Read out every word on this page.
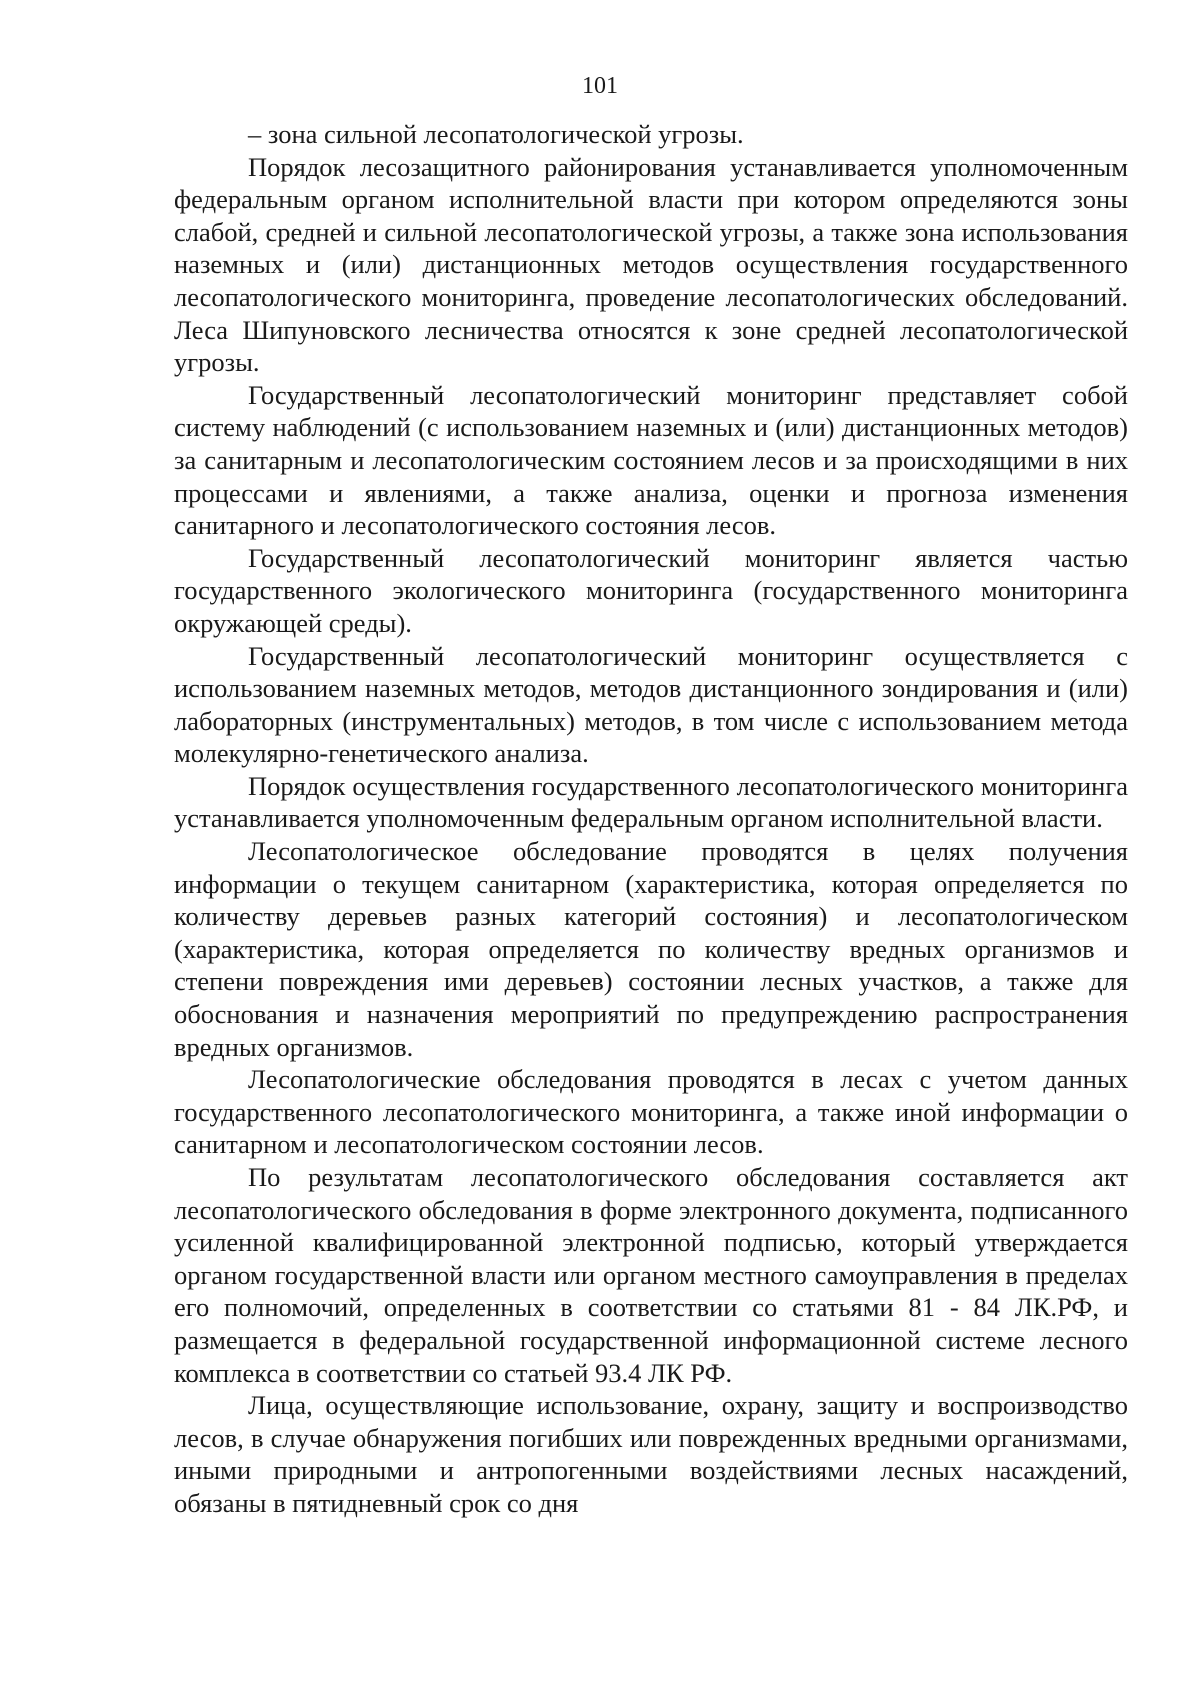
101

– зона сильной лесопатологической угрозы.

Порядок лесозащитного районирования устанавливается уполномоченным федеральным органом исполнительной власти при котором определяются зоны слабой, средней и сильной лесопатологической угрозы, а также зона использования наземных и (или) дистанционных методов осуществления государственного лесопатологического мониторинга, проведение лесопатологических обследований. Леса Шипуновского лесничества относятся к зоне средней лесопатологической угрозы.

Государственный лесопатологический мониторинг представляет собой систему наблюдений (с использованием наземных и (или) дистанционных методов) за санитарным и лесопатологическим состоянием лесов и за происходящими в них процессами и явлениями, а также анализа, оценки и прогноза изменения санитарного и лесопатологического состояния лесов.

Государственный лесопатологический мониторинг является частью государственного экологического мониторинга (государственного мониторинга окружающей среды).

Государственный лесопатологический мониторинг осуществляется с использованием наземных методов, методов дистанционного зондирования и (или) лабораторных (инструментальных) методов, в том числе с использованием метода молекулярно-генетического анализа.

Порядок осуществления государственного лесопатологического мониторинга устанавливается уполномоченным федеральным органом исполнительной власти.

Лесопатологическое обследование проводятся в целях получения информации о текущем санитарном (характеристика, которая определяется по количеству деревьев разных категорий состояния) и лесопатологическом (характеристика, которая определяется по количеству вредных организмов и степени повреждения ими деревьев) состоянии лесных участков, а также для обоснования и назначения мероприятий по предупреждению распространения вредных организмов.

Лесопатологические обследования проводятся в лесах с учетом данных государственного лесопатологического мониторинга, а также иной информации о санитарном и лесопатологическом состоянии лесов.

По результатам лесопатологического обследования составляется акт лесопатологического обследования в форме электронного документа, подписанного усиленной квалифицированной электронной подписью, который утверждается органом государственной власти или органом местного самоуправления в пределах его полномочий, определенных в соответствии со статьями 81 - 84 ЛК.РФ, и размещается в федеральной государственной информационной системе лесного комплекса в соответствии со статьей 93.4 ЛК РФ.

Лица, осуществляющие использование, охрану, защиту и воспроизводство лесов, в случае обнаружения погибших или поврежденных вредными организмами, иными природными и антропогенными воздействиями лесных насаждений, обязаны в пятидневный срок со дня
